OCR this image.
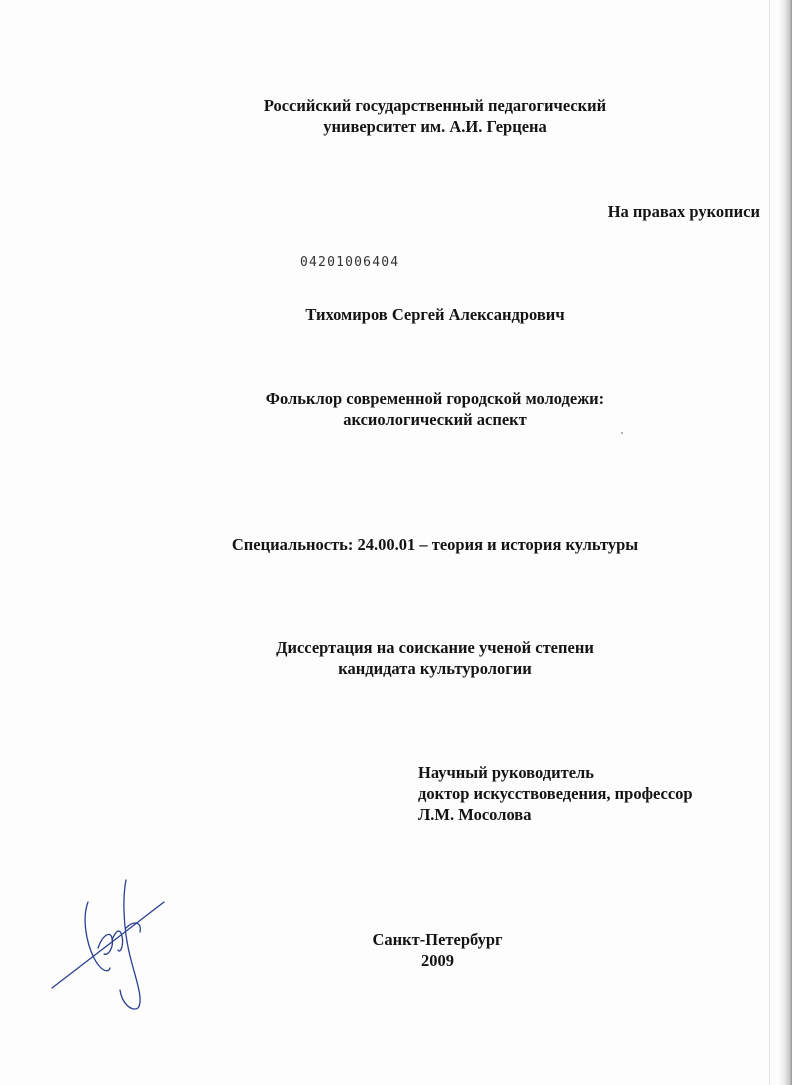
Российский государственный педагогический
университет им. А.И. Герцена
На правах рукописи
04201006404
Тихомиров Сергей Александрович
Фольклор современной городской молодежи:
аксиологический аспект
Специальность: 24.00.01 – теория и история культуры
Диссертация на соискание ученой степени
кандидата культурологии
Научный руководитель
доктор искусствоведения, профессор
Л.М. Мосолова
Санкт-Петербург
2009
